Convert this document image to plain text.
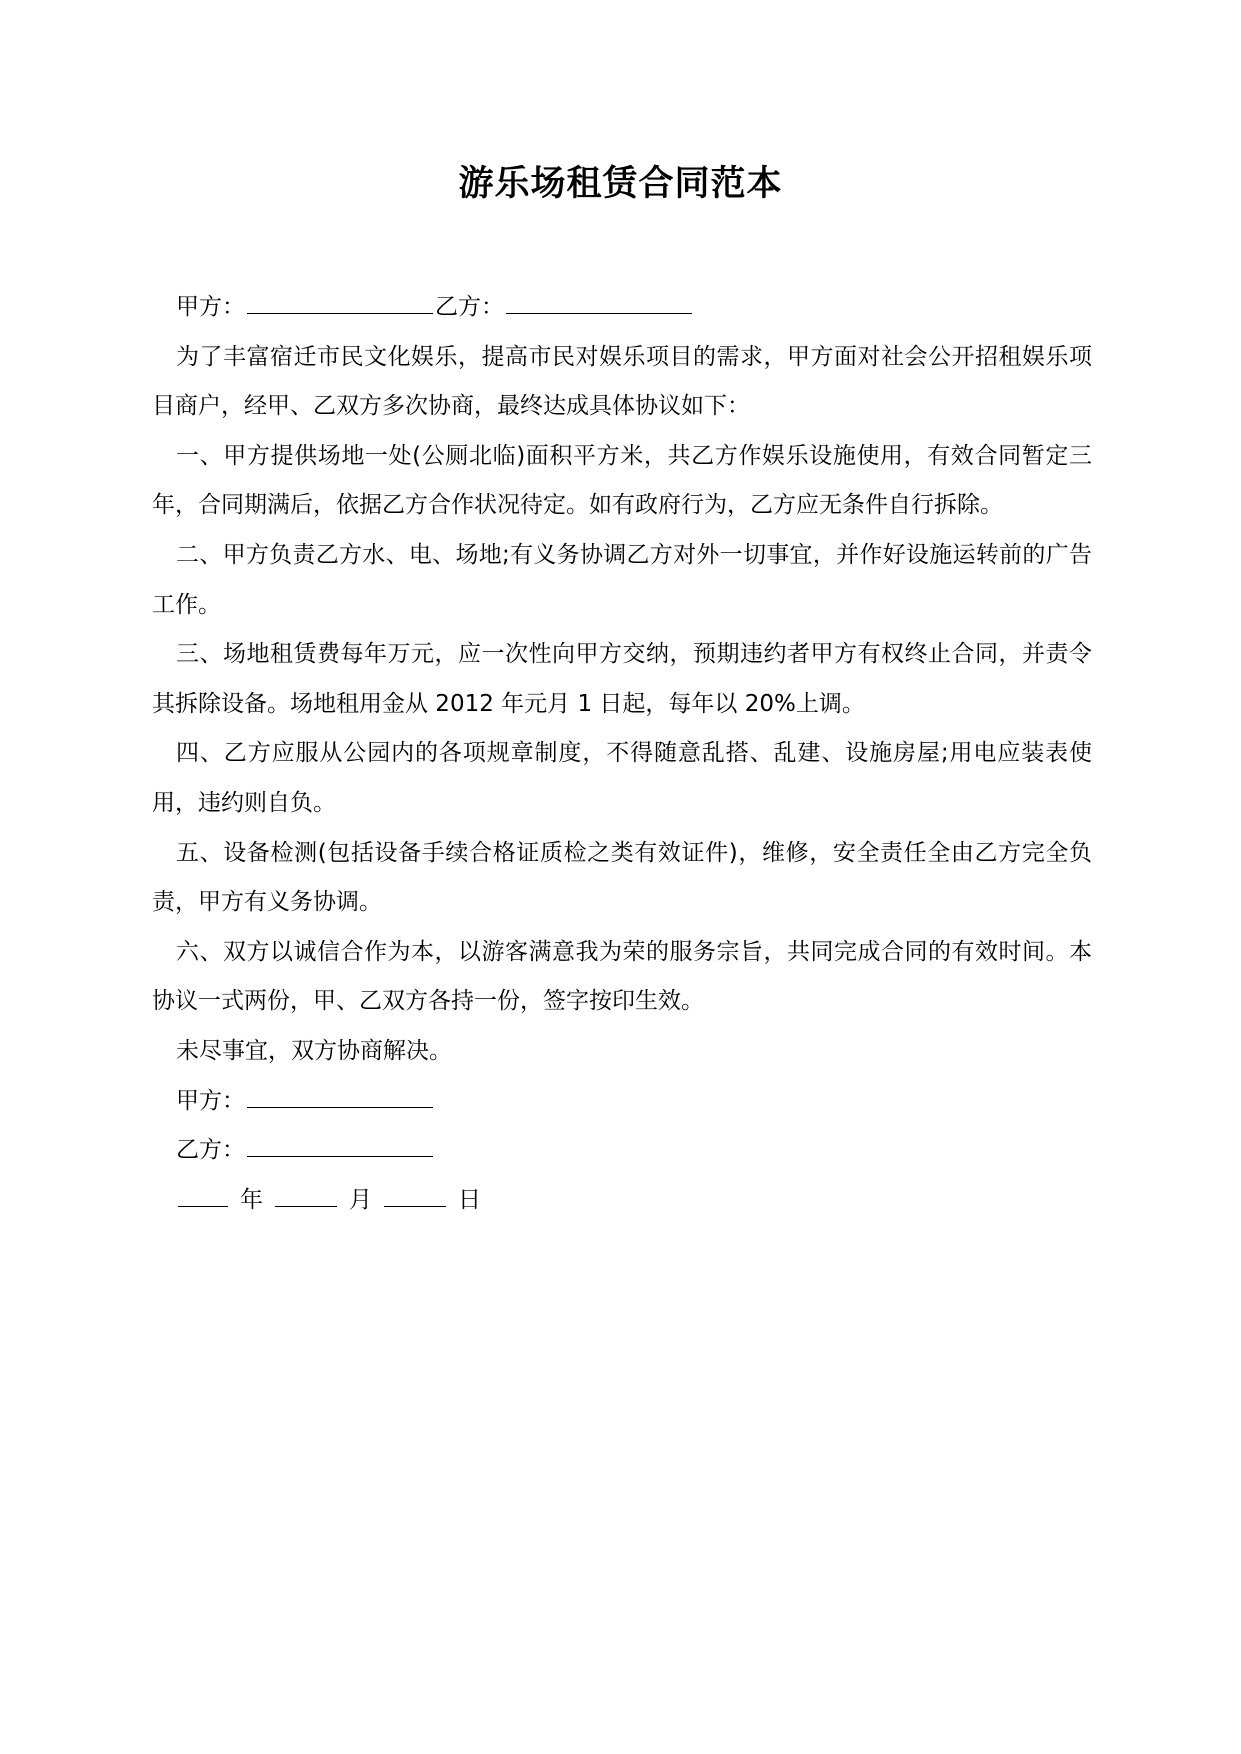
游乐场租赁合同范本

甲方：	乙方：

为了丰富宿迁市民文化娱乐，提高市民对娱乐项目的需求，甲方面对社会公开招租娱乐项目商户，经甲、乙双方多次协商，最终达成具体协议如下：

一、甲方提供场地一处(公厕北临)面积平方米，共乙方作娱乐设施使用，有效合同暂定三年，合同期满后，依据乙方合作状况待定。如有政府行为，乙方应无条件自行拆除。

二、甲方负责乙方水、电、场地;有义务协调乙方对外一切事宜，并作好设施运转前的广告工作。

三、场地租赁费每年万元，应一次性向甲方交纳，预期违约者甲方有权终止合同，并责令其拆除设备。场地租用金从 2012 年元月 1 日起，每年以 20%上调。

四、乙方应服从公园内的各项规章制度，不得随意乱搭、乱建、设施房屋;用电应装表使用，违约则自负。

五、设备检测(包括设备手续合格证质检之类有效证件)，维修，安全责任全由乙方完全负责，甲方有义务协调。

六、双方以诚信合作为本，以游客满意我为荣的服务宗旨，共同完成合同的有效时间。本协议一式两份，甲、乙双方各持一份，签字按印生效。

未尽事宜，双方协商解决。

甲方：

乙方：

年	月	日
